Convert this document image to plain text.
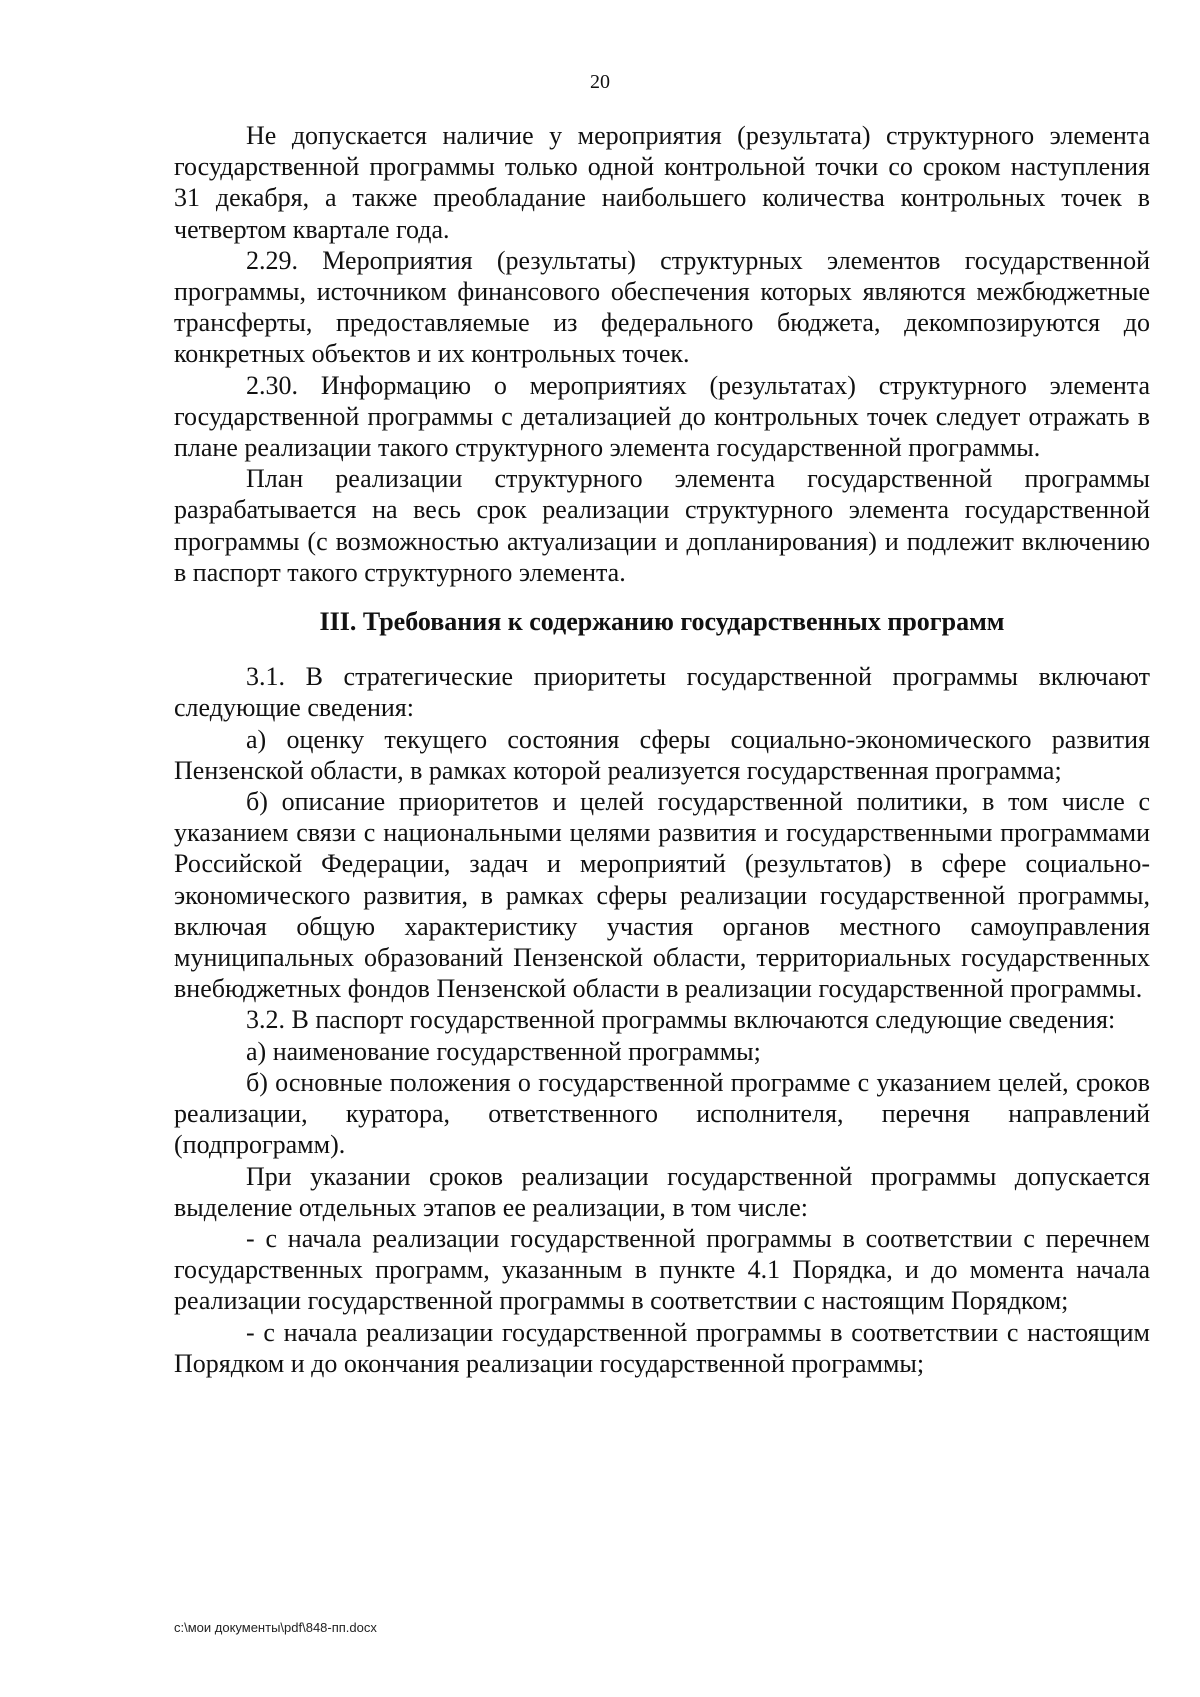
20

Не допускается наличие у мероприятия (результата) структурного элемента государственной программы только одной контрольной точки со сроком наступления 31 декабря, а также преобладание наибольшего количества контрольных точек в четвертом квартале года.

2.29. Мероприятия (результаты) структурных элементов государственной программы, источником финансового обеспечения которых являются межбюджетные трансферты, предоставляемые из федерального бюджета, декомпозируются до конкретных объектов и их контрольных точек.

2.30. Информацию о мероприятиях (результатах) структурного элемента государственной программы с детализацией до контрольных точек следует отражать в плане реализации такого структурного элемента государственной программы.

План реализации структурного элемента государственной программы разрабатывается на весь срок реализации структурного элемента государственной программы (с возможностью актуализации и допланирования) и подлежит включению в паспорт такого структурного элемента.

III. Требования к содержанию государственных программ

3.1. В стратегические приоритеты государственной программы включают следующие сведения:

а) оценку текущего состояния сферы социально-экономического развития Пензенской области, в рамках которой реализуется государственная программа;

б) описание приоритетов и целей государственной политики, в том числе с указанием связи с национальными целями развития и государственными программами Российской Федерации, задач и мероприятий (результатов) в сфере социально-экономического развития, в рамках сферы реализации государственной программы, включая общую характеристику участия органов местного самоуправления муниципальных образований Пензенской области, территориальных государственных внебюджетных фондов Пензенской области в реализации государственной программы.

3.2. В паспорт государственной программы включаются следующие сведения:

а) наименование государственной программы;

б) основные положения о государственной программе с указанием целей, сроков реализации, куратора, ответственного исполнителя, перечня направлений (подпрограмм).

При указании сроков реализации государственной программы допускается выделение отдельных этапов ее реализации, в том числе:

- с начала реализации государственной программы в соответствии с перечнем государственных программ, указанным в пункте 4.1 Порядка, и до момента начала реализации государственной программы в соответствии с настоящим Порядком;

- с начала реализации государственной программы в соответствии с настоящим Порядком и до окончания реализации государственной программы;

c:\мои документы\pdf\848-пп.docx
